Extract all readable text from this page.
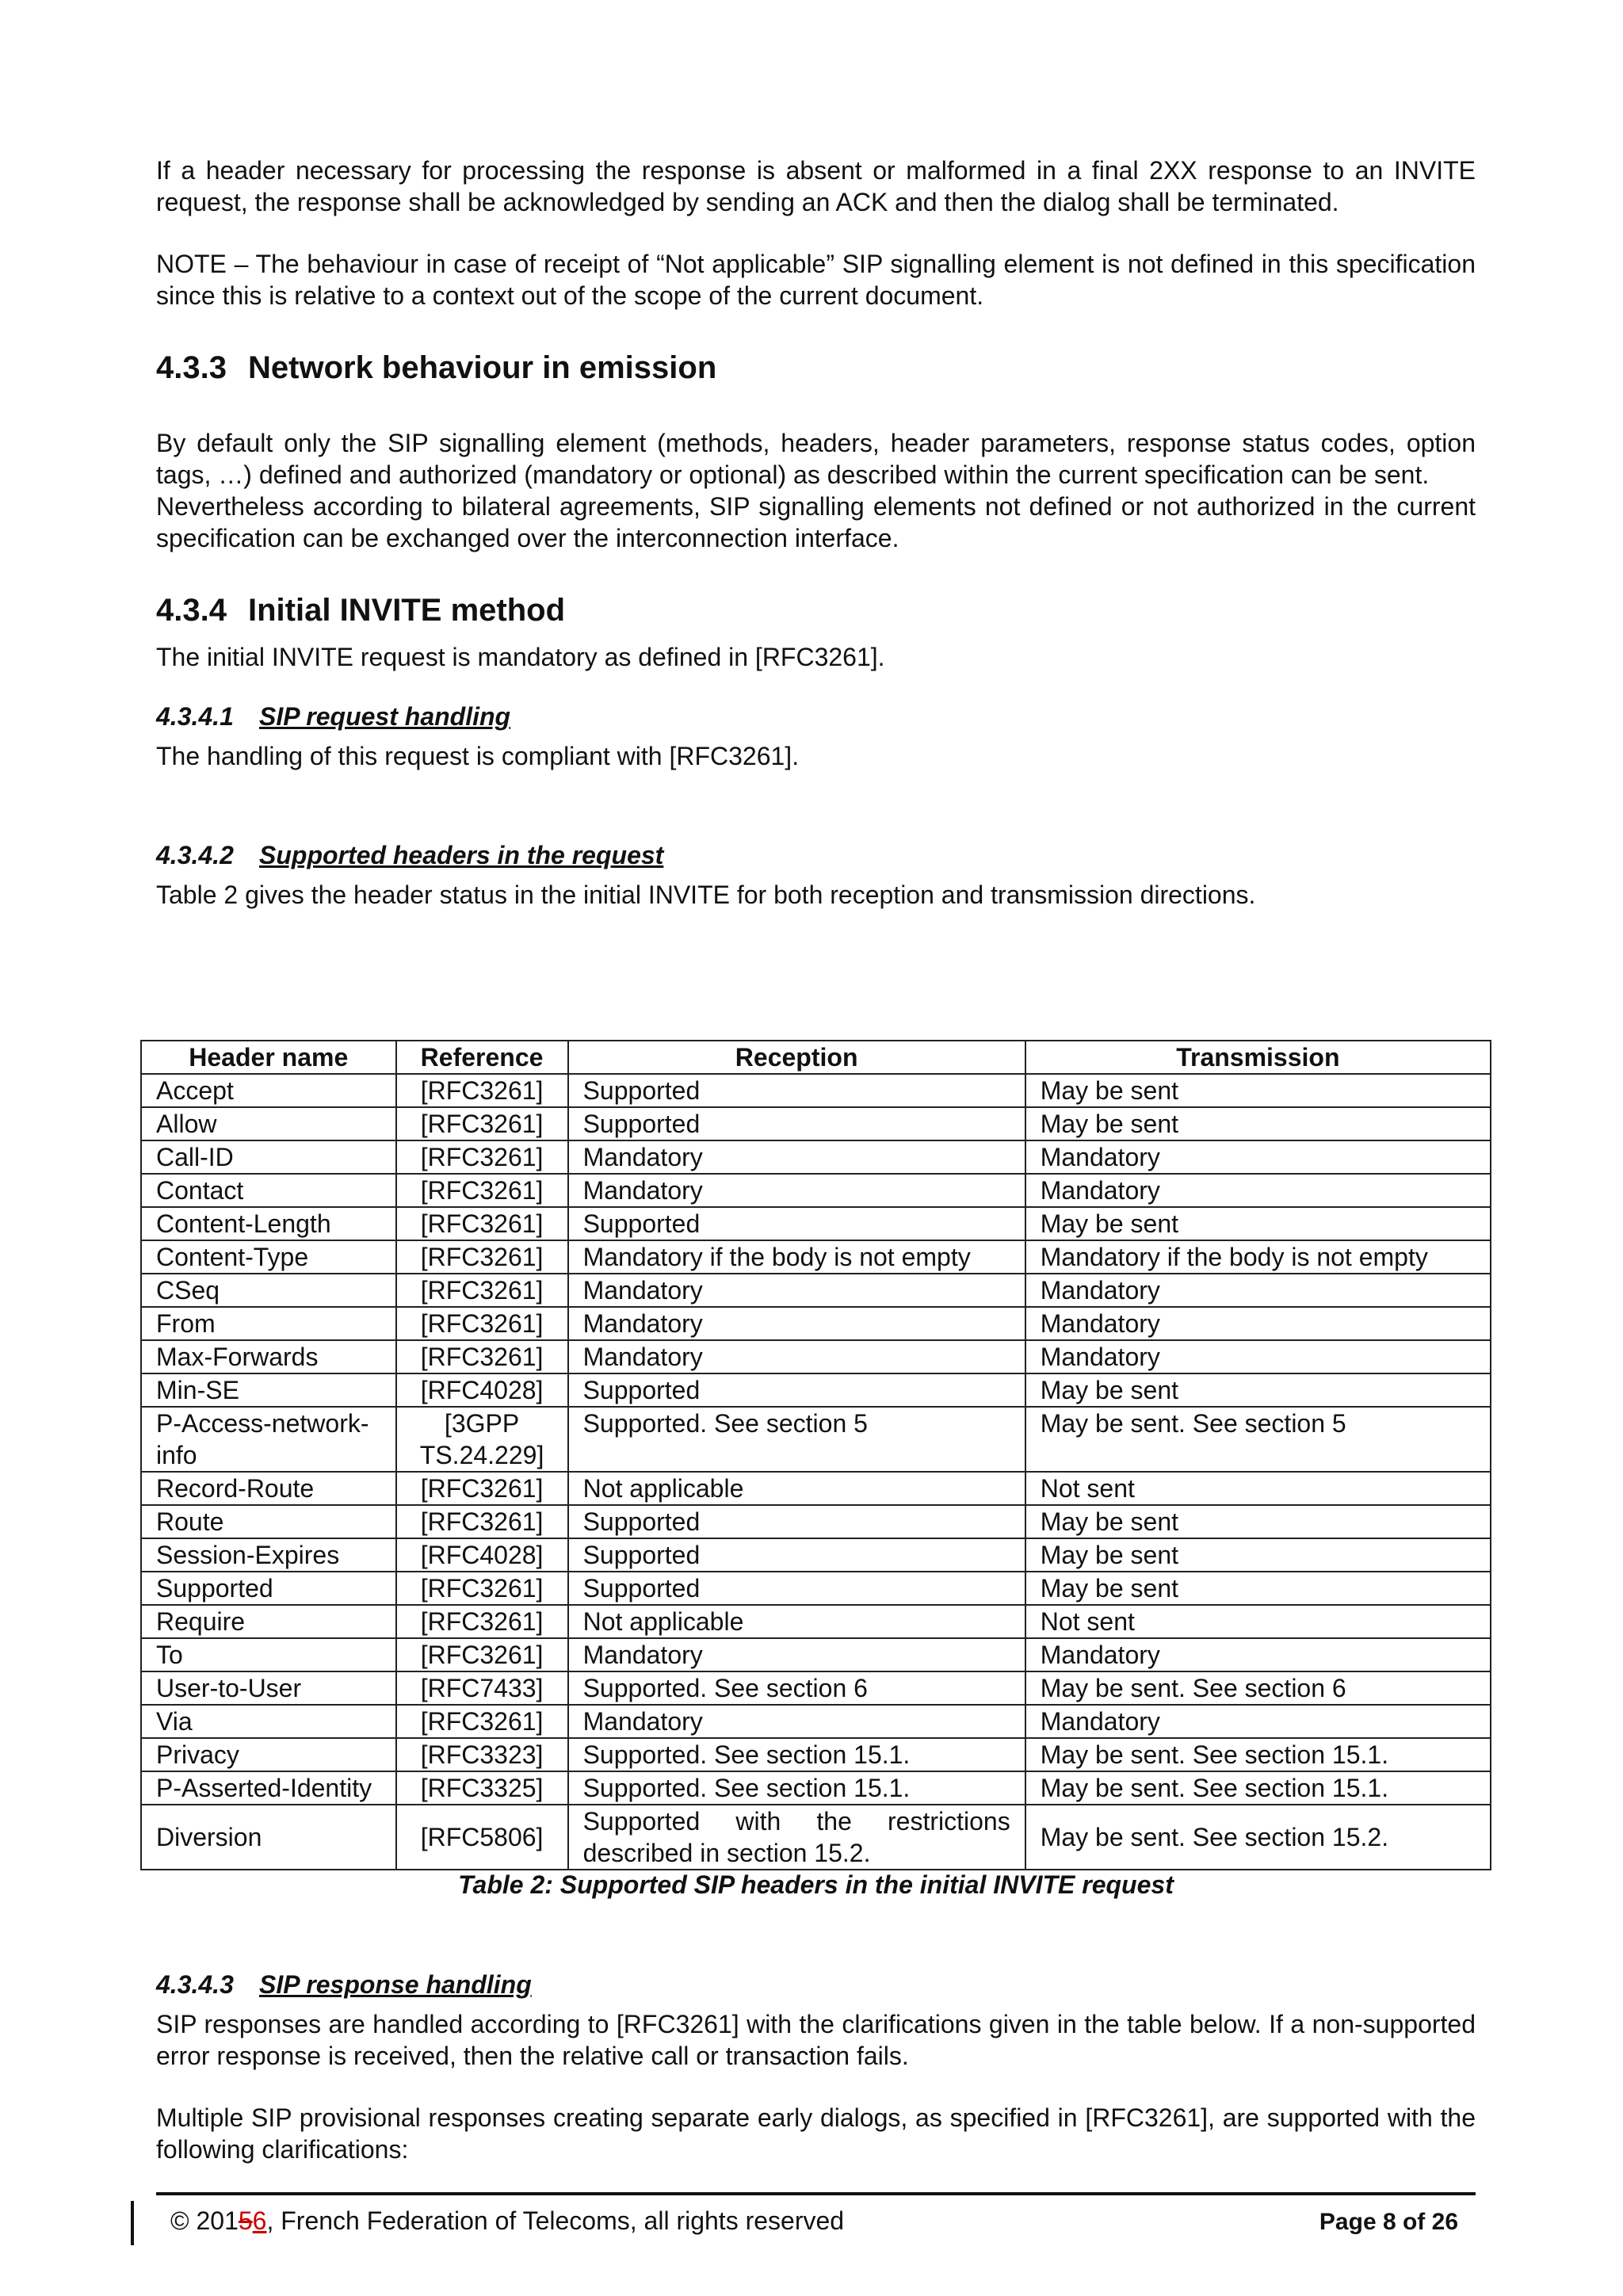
If a header necessary for processing the response is absent or malformed in a final 2XX response to an INVITE request, the response shall be acknowledged by sending an ACK and then the dialog shall be terminated.

NOTE – The behaviour in case of receipt of “Not applicable” SIP signalling element is not defined in this specification since this is relative to a context out of the scope of the current document.

4.3.3 Network behaviour in emission

By default only the SIP signalling element (methods, headers, header parameters, response status codes, option tags, …) defined and authorized (mandatory or optional) as described within the current specification can be sent.

Nevertheless according to bilateral agreements, SIP signalling elements not defined or not authorized in the current specification can be exchanged over the interconnection interface.

4.3.4 Initial INVITE method

The initial INVITE request is mandatory as defined in [RFC3261].

4.3.4.1 SIP request handling

The handling of this request is compliant with [RFC3261].

4.3.4.2 Supported headers in the request

Table 2 gives the header status in the initial INVITE for both reception and transmission directions.

Header name	Reference	Reception	Transmission
Accept	[RFC3261]	Supported	May be sent
Allow	[RFC3261]	Supported	May be sent
Call-ID	[RFC3261]	Mandatory	Mandatory
Contact	[RFC3261]	Mandatory	Mandatory
Content-Length	[RFC3261]	Supported	May be sent
Content-Type	[RFC3261]	Mandatory if the body is not empty	Mandatory if the body is not empty
CSeq	[RFC3261]	Mandatory	Mandatory
From	[RFC3261]	Mandatory	Mandatory
Max-Forwards	[RFC3261]	Mandatory	Mandatory
Min-SE	[RFC4028]	Supported	May be sent
P-Access-network-info	[3GPP TS.24.229]	Supported. See section 5	May be sent. See section 5
Record-Route	[RFC3261]	Not applicable	Not sent
Route	[RFC3261]	Supported	May be sent
Session-Expires	[RFC4028]	Supported	May be sent
Supported	[RFC3261]	Supported	May be sent
Require	[RFC3261]	Not applicable	Not sent
To	[RFC3261]	Mandatory	Mandatory
User-to-User	[RFC7433]	Supported. See section 6	May be sent. See section 6
Via	[RFC3261]	Mandatory	Mandatory
Privacy	[RFC3323]	Supported. See section 15.1.	May be sent. See section 15.1.
P-Asserted-Identity	[RFC3325]	Supported. See section 15.1.	May be sent. See section 15.1.
Diversion	[RFC5806]	Supported with the restrictions described in section 15.2.	May be sent. See section 15.2.
Table 2: Supported SIP headers in the initial INVITE request
4.3.4.3 SIP response handling

SIP responses are handled according to [RFC3261] with the clarifications given in the table below. If a non-supported error response is received, then the relative call or transaction fails.

Multiple SIP provisional responses creating separate early dialogs, as specified in [RFC3261], are supported with the following clarifications:

© 20156, French Federation of Telecoms, all rights reserved	Page 8 of 26
